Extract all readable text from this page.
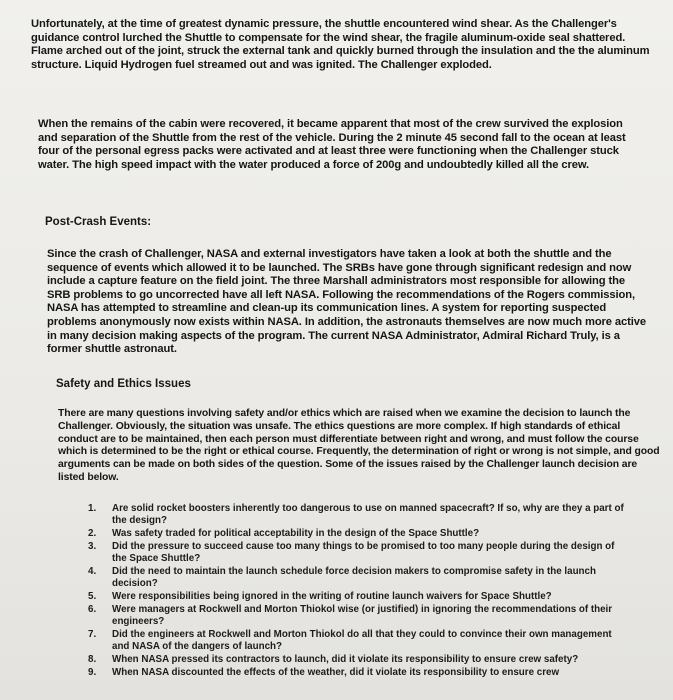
Unfortunately, at the time of greatest dynamic pressure, the shuttle encountered wind shear. As the Challenger's guidance control lurched the Shuttle to compensate for the wind shear, the fragile aluminum-oxide seal shattered. Flame arched out of the joint, struck the external tank and quickly burned through the insulation and the the aluminum structure. Liquid Hydrogen fuel streamed out and was ignited. The Challenger exploded.

When the remains of the cabin were recovered, it became apparent that most of the crew survived the explosion and separation of the Shuttle from the rest of the vehicle. During the 2 minute 45 second fall to the ocean at least four of the personal egress packs were activated and at least three were functioning when the Challenger stuck water. The high speed impact with the water produced a force of 200g and undoubtedly killed all the crew.

Post-Crash Events:

Since the crash of Challenger, NASA and external investigators have taken a look at both the shuttle and the sequence of events which allowed it to be launched. The SRBs have gone through significant redesign and now include a capture feature on the field joint. The three Marshall administrators most responsible for allowing the SRB problems to go uncorrected have all left NASA. Following the recommendations of the Rogers commission, NASA has attempted to streamline and clean-up its communication lines. A system for reporting suspected problems anonymously now exists within NASA. In addition, the astronauts themselves are now much more active in many decision making aspects of the program. The current NASA Administrator, Admiral Richard Truly, is a former shuttle astronaut.

Safety and Ethics Issues

There are many questions involving safety and/or ethics which are raised when we examine the decision to launch the Challenger. Obviously, the situation was unsafe. The ethics questions are more complex. If high standards of ethical conduct are to be maintained, then each person must differentiate between right and wrong, and must follow the course which is determined to be the right or ethical course. Frequently, the determination of right or wrong is not simple, and good arguments can be made on both sides of the question. Some of the issues raised by the Challenger launch decision are listed below.

1. Are solid rocket boosters inherently too dangerous to use on manned spacecraft? If so, why are they a part of the design?
2. Was safety traded for political acceptability in the design of the Space Shuttle?
3. Did the pressure to succeed cause too many things to be promised to too many people during the design of the Space Shuttle?
4. Did the need to maintain the launch schedule force decision makers to compromise safety in the launch decision?
5. Were responsibilities being ignored in the writing of routine launch waivers for Space Shuttle?
6. Were managers at Rockwell and Morton Thiokol wise (or justified) in ignoring the recommendations of their engineers?
7. Did the engineers at Rockwell and Morton Thiokol do all that they could to convince their own management and NASA of the dangers of launch?
8. When NASA pressed its contractors to launch, did it violate its responsibility to ensure crew safety?
9. When NASA discounted the effects of the weather, did it violate its responsibility to ensure crew
